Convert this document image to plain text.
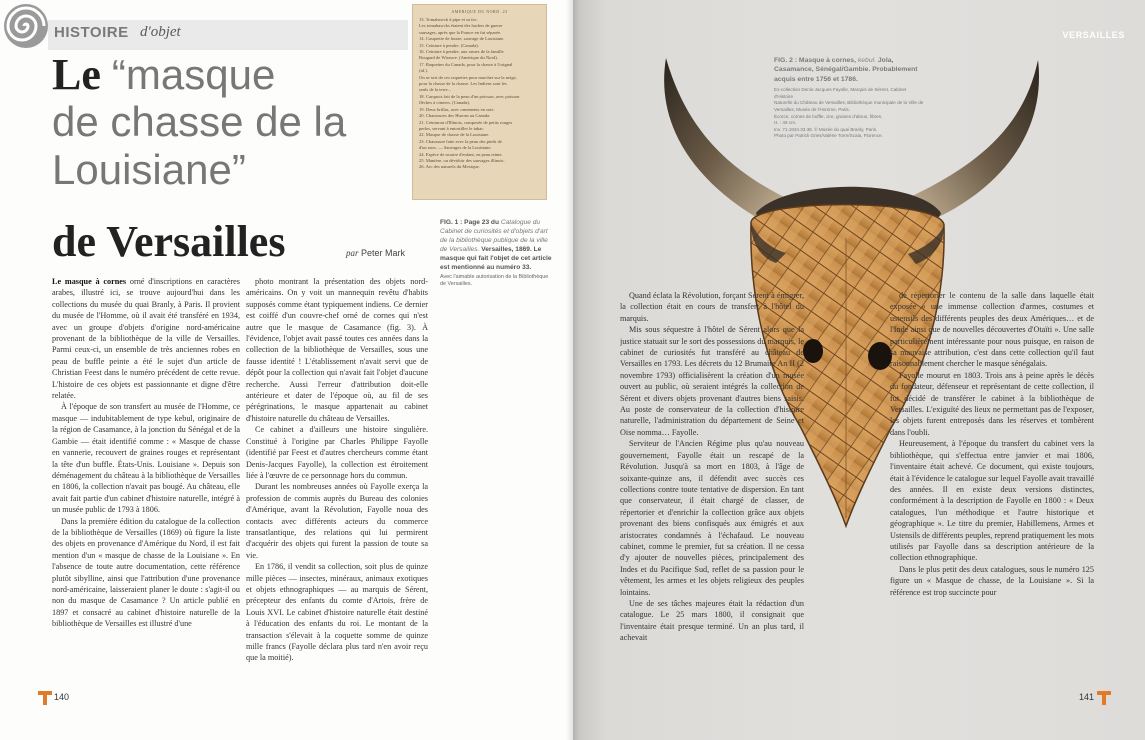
HISTOIRE d'objet
Le “masque
de chasse de la
Louisiane”
de Versailles	par Peter Mark
AMERIQUE DU NORD. 23
13. Tomahawck à pipe et sa fac.
Les tomahawcks étaient des haches de guerre
sauvages, après que la France en fut séparée.
14. Casquette de loutre, sauvage de Louisiane.
15. Ceinture à pendre. (Canada).
16. Ceinture à pendre, aux armes de la famille
Bougard de Wirauce. (Amérique du Nord).
17. Raquettes du Canada, pour la chasse à l'orignal
(id.).
On se sert de ces raquettes pour marcher sur la neige,
pour la chasse de la chasse. Les Indiens sont les
seuls de la terre...
18. Carquois fait de la peau d'un poisson, avec poisson
flèches à cimiers. (Canada).
19. Deux brillas, avec ornements en soie.
20. Chaussures des Hurons au Canada.
21. Ceinturon d'Illinois, composée de petits rouges
perles, servant à entortiller le tabac.
22. Masque de chasse de la Louisiane.
23. Chaussure faite avec la peau des pieds de
d'un ours. — Sauvages de la Louisiane.
24. Espèce de rosaire d'enfant, en peau teinte.
25. Manière, ou dévidoir des sauvages illinois.
26. Arc des naturels du Mexique.
FIG. 1 : Page 23 du Catalogue du Cabinet de curiosités et d'objets d'art de la bibliothèque publique de la ville de Versailles. Versailles, 1869. Le masque qui fait l'objet de cet article est mentionné au numéro 33.
Avec l'aimable autorisation de la Bibliothèque de Versailles.

Le masque à cornes orné d'inscriptions en caractères arabes, illustré ici, se trouve aujourd'hui dans les collections du musée du quai Branly, à Paris. Il provient du musée de l'Homme, où il avait été transféré en 1934, avec un groupe d'objets d'origine nord-américaine provenant de la bibliothèque de la ville de Versailles. Parmi ceux-ci, un ensemble de très anciennes robes en peau de buffle peinte a été le sujet d'un article de Christian Feest dans le numéro précédent de cette revue. L'histoire de ces objets est passionnante et digne d'être relatée.

À l'époque de son transfert au musée de l'Homme, ce masque — indubitablement de type kebul, originaire de la région de Casamance, à la jonction du Sénégal et de la Gambie — était identifié comme : « Masque de chasse en vannerie, recouvert de graines rouges et représentant la tête d'un buffle. États-Unis. Louisiane ». Depuis son déménagement du château à la bibliothèque de Versailles en 1806, la collection n'avait pas bougé. Au château, elle avait fait partie d'un cabinet d'histoire naturelle, intégré à un musée public de 1793 à 1806.

Dans la première édition du catalogue de la collection de la bibliothèque de Versailles (1869) où figure la liste des objets en provenance d'Amérique du Nord, il est fait mention d'un « masque de chasse de la Louisiane ». En l'absence de toute autre documentation, cette référence plutôt sibylline, ainsi que l'attribution d'une provenance nord-américaine, laisseraient planer le doute : s'agit-il ou non du masque de Casamance ? Un article publié en 1897 et consacré au cabinet d'histoire naturelle de la bibliothèque de Versailles est illustré d'une

photo montrant la présentation des objets nord-américains. On y voit un mannequin revêtu d'habits supposés comme étant typiquement indiens. Ce dernier est coiffé d'un couvre-chef orné de cornes qui n'est autre que le masque de Casamance (fig. 3). À l'évidence, l'objet avait passé toutes ces années dans la collection de la bibliothèque de Versailles, sous une fausse identité ! L'établissement n'avait servi que de dépôt pour la collection qui n'avait fait l'objet d'aucune recherche. Aussi l'erreur d'attribution doit-elle antérieure et dater de l'époque où, au fil de ses pérégrinations, le masque appartenait au cabinet d'histoire naturelle du château de Versailles.

Ce cabinet a d'ailleurs une histoire singulière. Constitué à l'origine par Charles Philippe Fayolle (identifié par Feest et d'autres chercheurs comme étant Denis-Jacques Fayolle), la collection est étroitement liée à l'œuvre de ce personnage hors du commun.

Durant les nombreuses années où Fayolle exerça la profession de commis auprès du Bureau des colonies d'Amérique, avant la Révolution, Fayolle noua des contacts avec différents acteurs du commerce transatlantique, des relations qui lui permirent d'acquérir des objets qui furent la passion de toute sa vie.

En 1786, il vendit sa collection, soit plus de quinze mille pièces — insectes, minéraux, animaux exotiques et objets ethnographiques — au marquis de Sérent, précepteur des enfants du comte d'Artois, frère de Louis XVI. Le cabinet d'histoire naturelle était destiné à l'éducation des enfants du roi. Le montant de la transaction s'élevait à la coquette somme de quinze mille francs (Fayolle déclara plus tard n'en avoir reçu que la moitié).

140
VERSAILLES
141
FIG. 2 : Masque à cornes, kebul. Jola, Casamance, Sénégal/Gambie. Probablement acquis entre 1756 et 1786.
Ex-collection Denis-Jacques Fayolle, Marquis de Sérent, Cabinet d'Histoire
Naturelle du Château de Versailles, Bibliothèque municipale de la Ville de
Versailles, Musée de l'Homme, Paris.
Écorce, cornes de buffle, cire, graines d'abrus, fibres.
H. : 46 cm.
Inv. 71.1934.33.38. © Musée du quai Branly, Paris.
Photo par Patrick Gries/Valérie Torre/Scala, Florence.

Quand éclata la Révolution, forçant Sérent à émigrer, la collection était en cours de transfert à l'hôtel du marquis.

Mis sous séquestre à l'hôtel de Sérent alors que la justice statuait sur le sort des possessions du marquis, le cabinet de curiosités fut transféré au château de Versailles en 1793. Les décrets du 12 Brumaire An II (2 novembre 1793) officialisèrent la création d'un musée ouvert au public, où seraient intégrés la collection de Sérent et divers objets provenant d'autres biens saisis. Au poste de conservateur de la collection d'histoire naturelle, l'administration du département de Seine et Oise nomma… Fayolle.

Serviteur de l'Ancien Régime plus qu'au nouveau gouvernement, Fayolle était un rescapé de la Révolution. Jusqu'à sa mort en 1803, à l'âge de soixante-quinze ans, il défendit avec succès ces collections contre toute tentative de dispersion. En tant que conservateur, il était chargé de classer, de répertorier et d'enrichir la collection grâce aux objets provenant des biens confisqués aux émigrés et aux aristocrates condamnés à l'échafaud. Le nouveau cabinet, comme le premier, fut sa création. Il ne cessa d'y ajouter de nouvelles pièces, principalement des Indes et du Pacifique Sud, reflet de sa passion pour le vêtement, les armes et les objets religieux des peuples lointains.

Une de ses tâches majeures était la rédaction d'un catalogue. Le 25 mars 1800, il consignait que l'inventaire était presque terminé. Un an plus tard, il achevait

de répertorier le contenu de la salle dans laquelle était exposée « une immense collection d'armes, costumes et ustensils des différents peuples des deux Amériques… et de l'Inde ainsi que de nouvelles découvertes d'Otaïti ». Une salle particulièrement intéressante pour nous puisque, en raison de sa mauvaise attribution, c'est dans cette collection qu'il faut raisonnablement chercher le masque sénégalais.

Fayolle mourut en 1803. Trois ans à peine après le décès du fondateur, défenseur et représentant de cette collection, il fut décidé de transférer le cabinet à la bibliothèque de Versailles. L'exiguïté des lieux ne permettant pas de l'exposer, les objets furent entreposés dans les réserves et tombèrent dans l'oubli.

Heureusement, à l'époque du transfert du cabinet vers la bibliothèque, qui s'effectua entre janvier et mai 1806, l'inventaire était achevé. Ce document, qui existe toujours, était à l'évidence le catalogue sur lequel Fayolle avait travaillé des années. Il en existe deux versions distinctes, conformément à la description de Fayolle en 1800 : « Deux catalogues, l'un méthodique et l'autre historique et géographique ». Le titre du premier, Habillemens, Armes et Ustensils de différents peuples, reprend pratiquement les mots utilisés par Fayolle dans sa description antérieure de la collection ethnographique.

Dans le plus petit des deux catalogues, sous le numéro 125 figure un « Masque de chasse, de la Louisiane ». Si la référence est trop succincte pour
